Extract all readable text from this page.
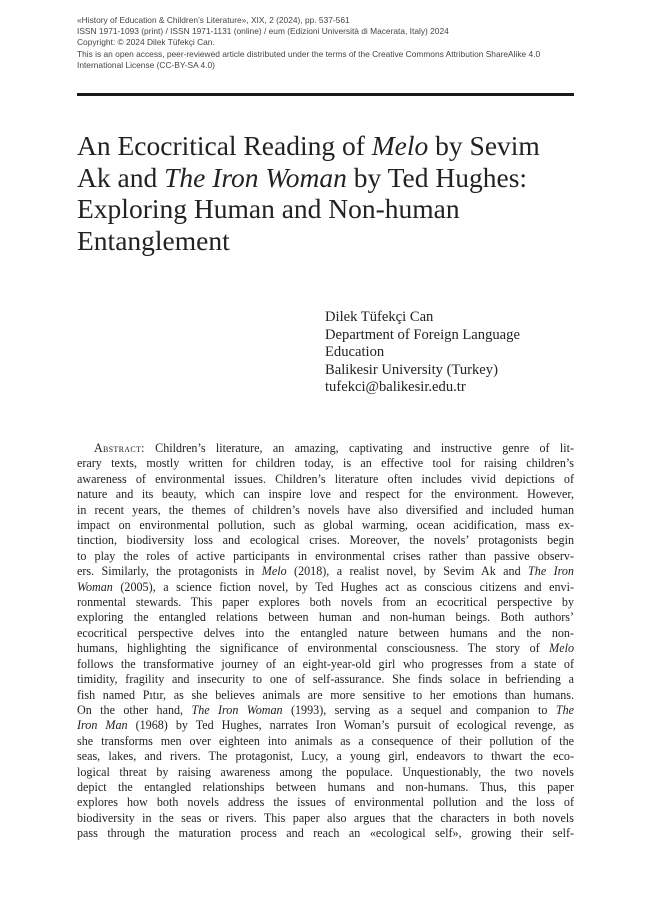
«History of Education & Children’s Literature», XIX, 2 (2024), pp. 537-561
ISSN 1971-1093 (print) / ISSN 1971-1131 (online) / eum (Edizioni Università di Macerata, Italy) 2024
Copyright: © 2024 Dilek Tüfekçi Can.
This is an open access, peer-reviewed article distributed under the terms of the Creative Commons Attribution ShareAlike 4.0
International License (CC-BY-SA 4.0)
An Ecocritical Reading of Melo by Sevim
Ak and The Iron Woman by Ted Hughes:
Exploring Human and Non-human
Entanglement
Dilek Tüfekçi Can
Department of Foreign Language
Education
Balikesir University (Turkey)
tufekci@balikesir.edu.tr
Abstract: Children’s literature, an amazing, captivating and instructive genre of lit-
erary texts, mostly written for children today, is an effective tool for raising children’s
awareness of environmental issues. Children’s literature often includes vivid depictions of
nature and its beauty, which can inspire love and respect for the environment. However,
in recent years, the themes of children’s novels have also diversified and included human
impact on environmental pollution, such as global warming, ocean acidification, mass ex-
tinction, biodiversity loss and ecological crises. Moreover, the novels’ protagonists begin
to play the roles of active participants in environmental crises rather than passive observ-
ers. Similarly, the protagonists in Melo (2018), a realist novel, by Sevim Ak and The Iron
Woman (2005), a science fiction novel, by Ted Hughes act as conscious citizens and envi-
ronmental stewards. This paper explores both novels from an ecocritical perspective by
exploring the entangled relations between human and non-human beings. Both authors’
ecocritical perspective delves into the entangled nature between humans and the non-
humans, highlighting the significance of environmental consciousness. The story of Melo
follows the transformative journey of an eight-year-old girl who progresses from a state of
timidity, fragility and insecurity to one of self-assurance. She finds solace in befriending a
fish named Pıtır, as she believes animals are more sensitive to her emotions than humans.
On the other hand, The Iron Woman (1993), serving as a sequel and companion to The
Iron Man (1968) by Ted Hughes, narrates Iron Woman’s pursuit of ecological revenge, as
she transforms men over eighteen into animals as a consequence of their pollution of the
seas, lakes, and rivers. The protagonist, Lucy, a young girl, endeavors to thwart the eco-
logical threat by raising awareness among the populace. Unquestionably, the two novels
depict the entangled relationships between humans and non-humans. Thus, this paper
explores how both novels address the issues of environmental pollution and the loss of
biodiversity in the seas or rivers. This paper also argues that the characters in both novels
pass through the maturation process and reach an «ecological self», growing their self-
